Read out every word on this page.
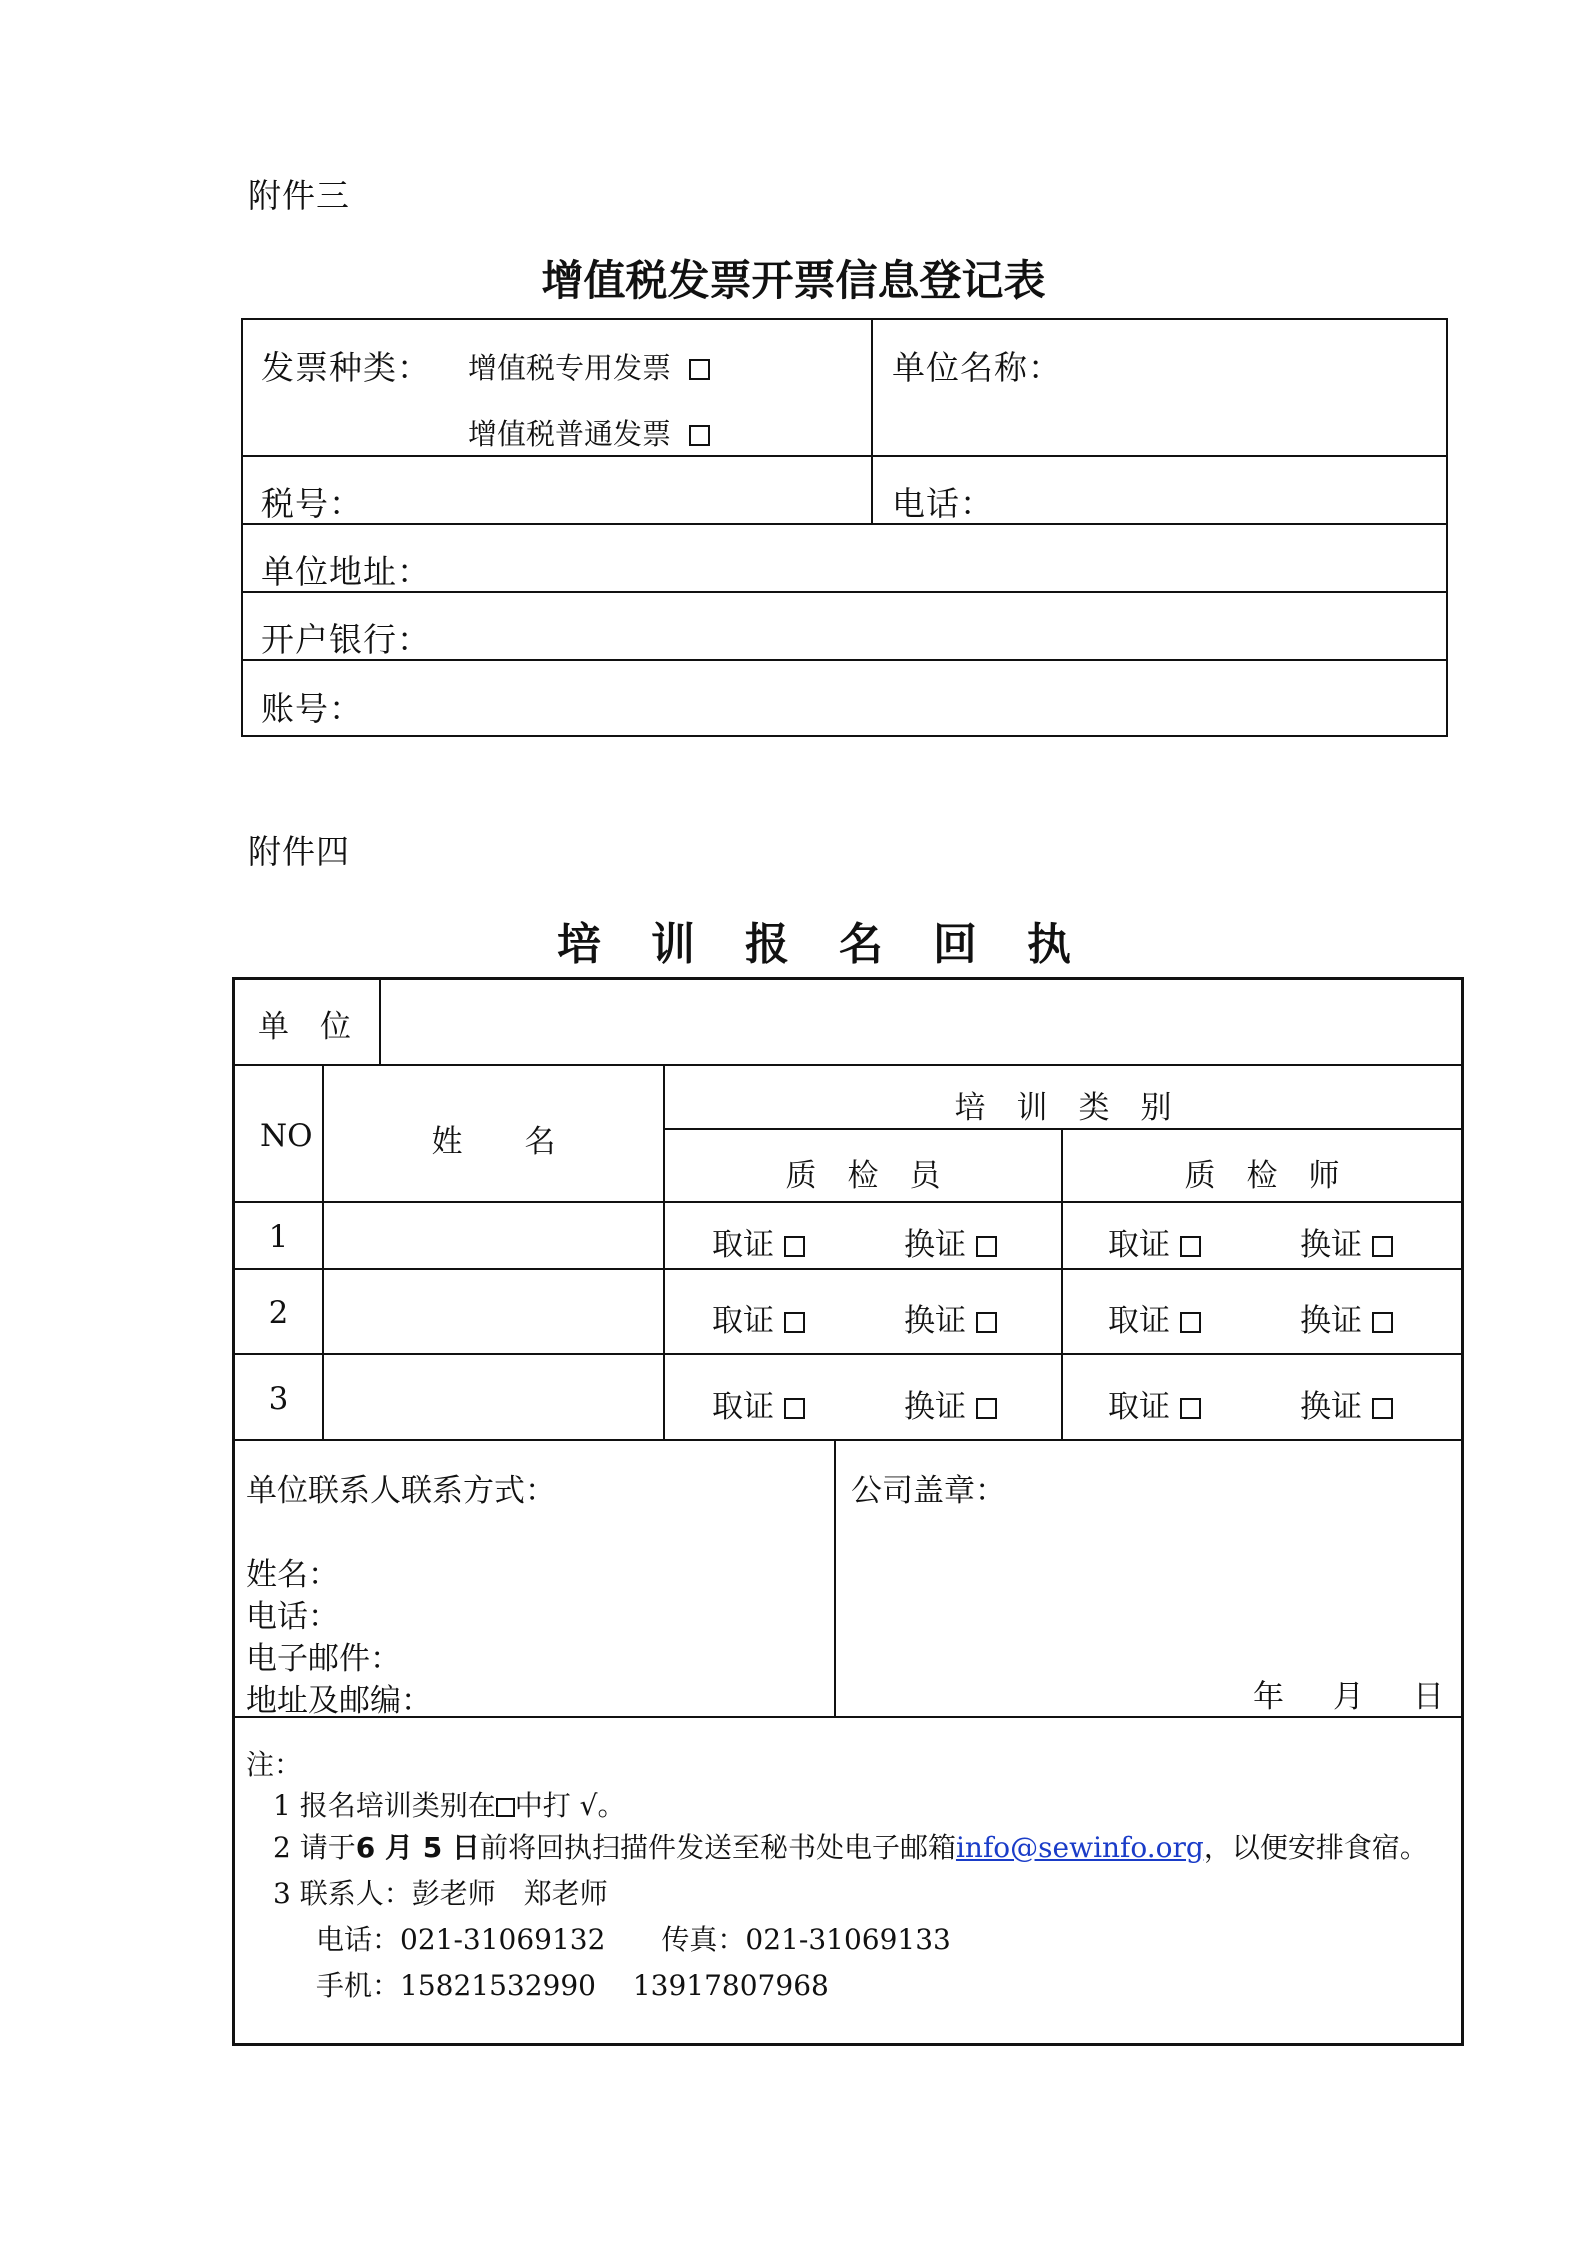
附件三
增值税发票开票信息登记表
发票种类： 增值税专用发票
增值税普通发票
单位名称：
税号：	电话：
单位地址：
开户银行：
账号：
附件四
培训报名回执
单　位
NO	姓　　名
培　训　类　别
质　检　员	质　检　师
1	取证	换证	取证	换证
2	取证	换证	取证	换证
3	取证	换证	取证	换证
单位联系人联系方式：
姓名：
电话：
电子邮件：
地址及邮编：
公司盖章：
年 月 日
注：
1 报名培训类别在 中打 √。
2 请于6 月 5 日前将回执扫描件发送至秘书处电子邮箱info@sewinfo.org，以便安排食宿。
3 联系人：彭老师　郑老师
电话：021-31069132　　传真：021-31069133
手机：15821532990　 13917807968
